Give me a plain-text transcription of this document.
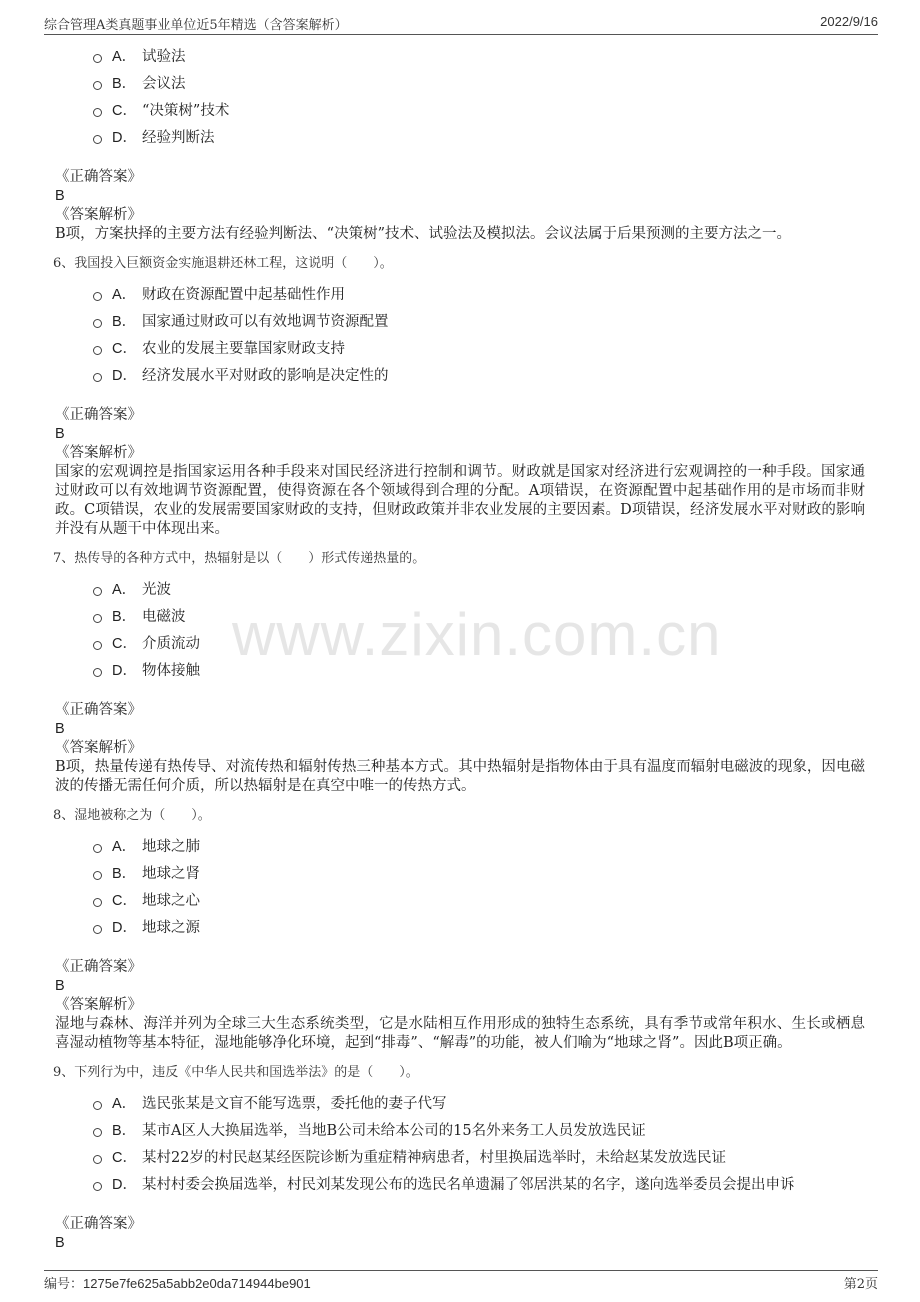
综合管理A类真题事业单位近5年精选（含答案解析）	2022/9/16
www.zixin.com.cn
A． 试验法
B． 会议法
C． “决策树”技术
D． 经验判断法
《正确答案》
B
《答案解析》
B项，方案抉择的主要方法有经验判断法、“决策树”技术、试验法及模拟法。会议法属于后果预测的主要方法之一。
6、我国投入巨额资金实施退耕还林工程，这说明（　　）。
A． 财政在资源配置中起基础性作用
B． 国家通过财政可以有效地调节资源配置
C． 农业的发展主要靠国家财政支持
D． 经济发展水平对财政的影响是决定性的
《正确答案》
B
《答案解析》
国家的宏观调控是指国家运用各种手段来对国民经济进行控制和调节。财政就是国家对经济进行宏观调控的一种手段。国家通过财政可以有效地调节资源配置，使得资源在各个领域得到合理的分配。A项错误，在资源配置中起基础作用的是市场而非财政。C项错误，农业的发展需要国家财政的支持，但财政政策并非农业发展的主要因素。D项错误，经济发展水平对财政的影响并没有从题干中体现出来。
7、热传导的各种方式中，热辐射是以（　　）形式传递热量的。
A． 光波
B． 电磁波
C． 介质流动
D． 物体接触
《正确答案》
B
《答案解析》
B项，热量传递有热传导、对流传热和辐射传热三种基本方式。其中热辐射是指物体由于具有温度而辐射电磁波的现象，因电磁波的传播无需任何介质，所以热辐射是在真空中唯一的传热方式。
8、湿地被称之为（　　）。
A． 地球之肺
B． 地球之肾
C． 地球之心
D． 地球之源
《正确答案》
B
《答案解析》
湿地与森林、海洋并列为全球三大生态系统类型，它是水陆相互作用形成的独特生态系统，具有季节或常年积水、生长或栖息喜湿动植物等基本特征，湿地能够净化环境，起到“排毒”、“解毒”的功能，被人们喻为“地球之肾”。因此B项正确。
9、下列行为中，违反《中华人民共和国选举法》的是（　　）。
A． 选民张某是文盲不能写选票，委托他的妻子代写
B． 某市A区人大换届选举，当地B公司未给本公司的15名外来务工人员发放选民证
C． 某村22岁的村民赵某经医院诊断为重症精神病患者，村里换届选举时，未给赵某发放选民证
D． 某村村委会换届选举，村民刘某发现公布的选民名单遗漏了邻居洪某的名字，遂向选举委员会提出申诉
《正确答案》
B
编号：1275e7fe625a5abb2e0da714944be901	第2页
